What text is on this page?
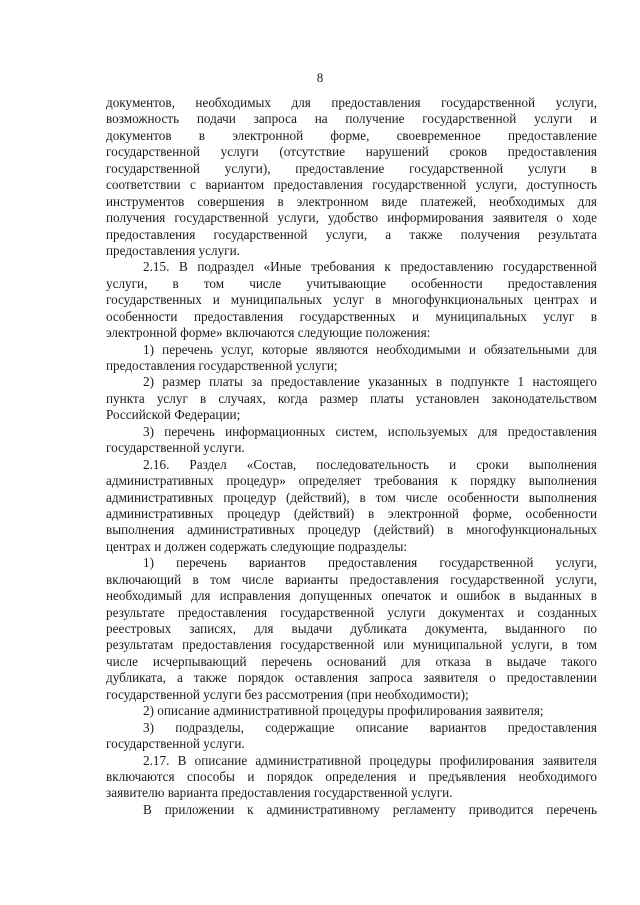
8
документов, необходимых для предоставления государственной услуги,
возможность подачи запроса на получение государственной услуги и
документов в электронной форме, своевременное предоставление
государственной услуги (отсутствие нарушений сроков предоставления
государственной услуги), предоставление государственной услуги в
соответствии с вариантом предоставления государственной услуги, доступность
инструментов совершения в электронном виде платежей, необходимых для
получения государственной услуги, удобство информирования заявителя о ходе
предоставления государственной услуги, а также получения результата
предоставления услуги.
2.15. В подраздел «Иные требования к предоставлению государственной
услуги, в том числе учитывающие особенности предоставления
государственных и муниципальных услуг в многофункциональных центрах и
особенности предоставления государственных и муниципальных услуг в
электронной форме» включаются следующие положения:
1) перечень услуг, которые являются необходимыми и обязательными для
предоставления государственной услуги;
2) размер платы за предоставление указанных в подпункте 1 настоящего
пункта услуг в случаях, когда размер платы установлен законодательством
Российской Федерации;
3) перечень информационных систем, используемых для предоставления
государственной услуги.
2.16. Раздел «Состав, последовательность и сроки выполнения
административных процедур» определяет требования к порядку выполнения
административных процедур (действий), в том числе особенности выполнения
административных процедур (действий) в электронной форме, особенности
выполнения административных процедур (действий) в многофункциональных
центрах и должен содержать следующие подразделы:
1) перечень вариантов предоставления государственной услуги,
включающий в том числе варианты предоставления государственной услуги,
необходимый для исправления допущенных опечаток и ошибок в выданных в
результате предоставления государственной услуги документах и созданных
реестровых записях, для выдачи дубликата документа, выданного по
результатам предоставления государственной или муниципальной услуги, в том
числе исчерпывающий перечень оснований для отказа в выдаче такого
дубликата, а также порядок оставления запроса заявителя о предоставлении
государственной услуги без рассмотрения (при необходимости);
2) описание административной процедуры профилирования заявителя;
3) подразделы, содержащие описание вариантов предоставления
государственной услуги.
2.17. В описание административной процедуры профилирования заявителя
включаются способы и порядок определения и предъявления необходимого
заявителю варианта предоставления государственной услуги.
В приложении к административному регламенту приводится перечень
